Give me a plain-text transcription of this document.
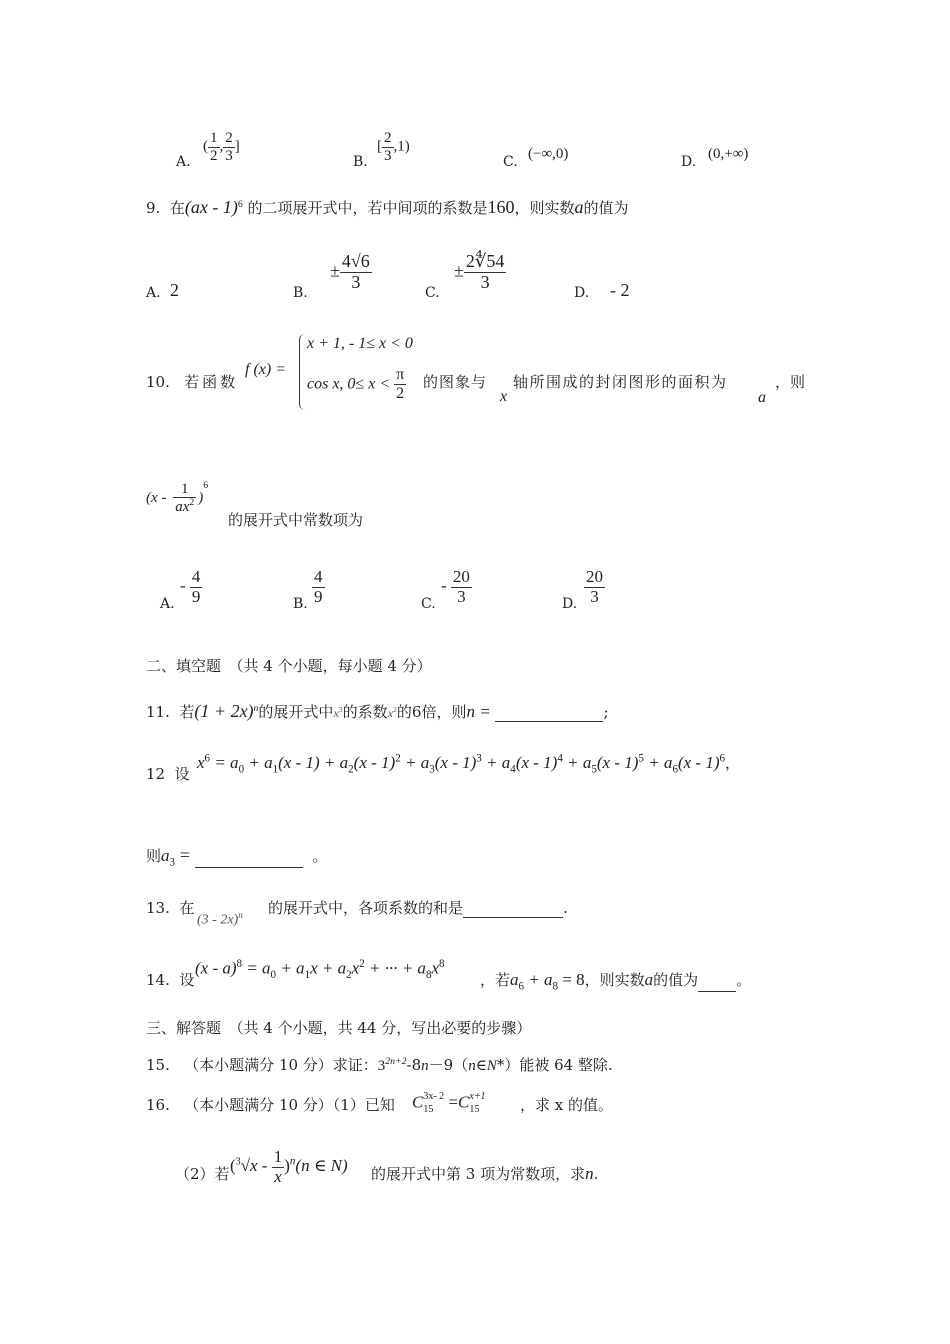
A.
( $\frac{1}{2}$ , $\frac{2}{3}$ ]
B.
[ $\frac{2}{3} ,1$)
C. (−∞,0)	D. (0,+∞)
9. 在(ax - 1)$^6$ 的二项展开式中，若中间项的系数是160，则实数a的值为
A. 2	B.
± $\frac{4√6}{3}$
C.
± $\frac{2∜54}{3}$
D. - 2
10. 若函数
f (x) =
x + 1, - 1≤ x < 0
cos x, $0\le x < \frac{\pi}{2}$ 的图象与
x
轴所围成的封闭图形的面积为
a
，则
$(x - \frac{1}{ax^2} )^6$
的展开式中常数项为
A.
- $\frac{4}{9}$	B. $\frac{4}{9}$	C.
- $\frac{20}{3}$	D. $\frac{20}{3}$
二、填空题　（共 4 个小题，每小题 4 分）
11. 若$(1 + 2x)^n$的展开式中$x^3$的系数$x^2$的6倍，则n =	;
12 设
$x^6 = a_0 + a_1(x - 1) + a_2(x - 1)^2 + a_3(x - 1)^3 + a_4(x - 1)^4 + a_5(x - 1)^5 + a_6(x - 1)^6$，
则$a_3$ =	。
13. 在
(3 - 2x)$^n$ 的展开式中，各项系数的和是	.
14. 设
$(x - a)^8 = a_0 + a_1x + a_2x^2$ + ··· + $a_8x^8$
，若$a_6 + a_8 = 8$，则实数a的值为	。
三、解答题　（共 4 个小题，共 44 分，写出必要的步骤）
15. （本小题满分 10 分）求证：$3^{2n+2}-8n-9(n\in N*)$能被 64 整除.
16. （本小题满分 10 分）（1）已知 C 3x- 2
15 =C x+1
15	，求 x 的值。
（2）若 $(^3√x - \frac{1}{x} )^n(n$ ∈ N) 的展开式中第 3 项为常数项，求n.
